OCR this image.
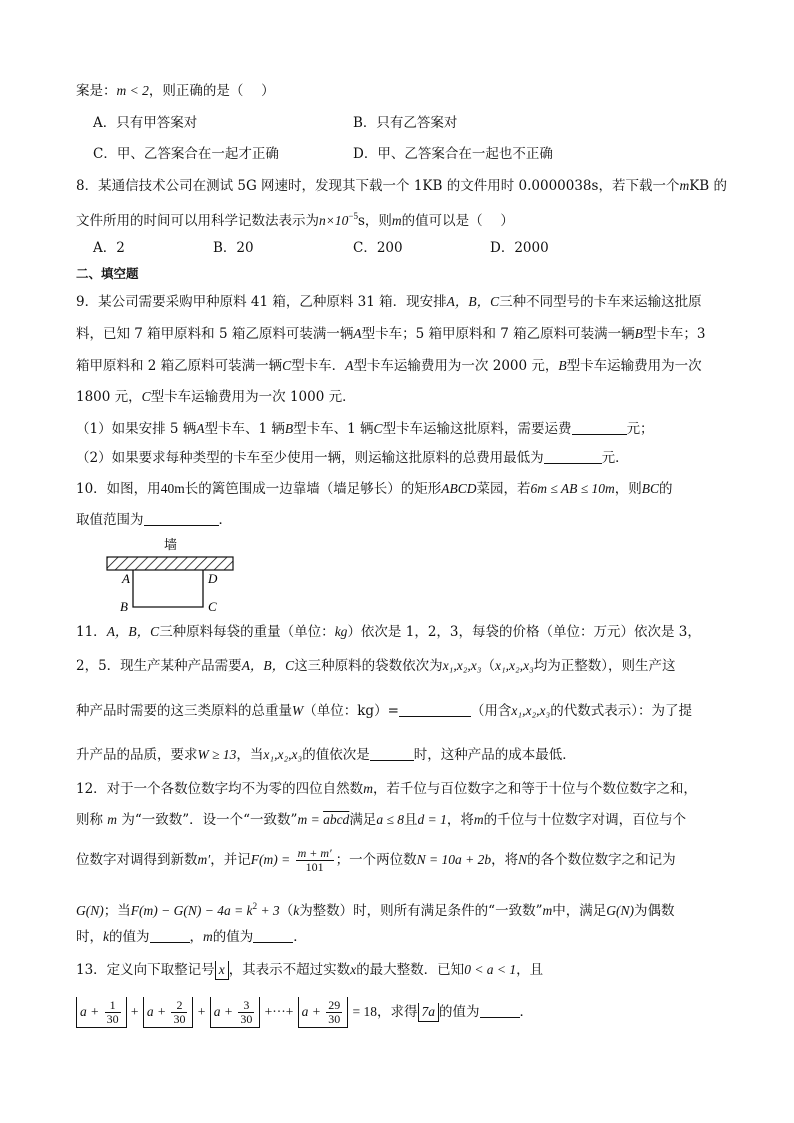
案是：m < 2，则正确的是（　 ）
A．只有甲答案对	B．只有乙答案对
C．甲、乙答案合在一起才正确	D．甲、乙答案合在一起也不正确
8．某通信技术公司在测试 5G 网速时，发现其下载一个 1KB 的文件用时 0.0000038s，若下载一个mKB 的
文件所用的时间可以用科学记数法表示为$n\times 10^{-5}s$，则m的值可以是（　 ）
A．2	B．20	C．200	D．2000
二、填空题
9．某公司需要采购甲种原料 41 箱，乙种原料 31 箱．现安排A，B，C三种不同型号的卡车来运输这批原
料，已知 7 箱甲原料和 5 箱乙原料可装满一辆A型卡车；5 箱甲原料和 7 箱乙原料可装满一辆B型卡车；3
箱甲原料和 2 箱乙原料可装满一辆C型卡车．A型卡车运输费用为一次 2000 元，B型卡车运输费用为一次
1800 元，C型卡车运输费用为一次 1000 元．
（1）如果安排 5 辆A型卡车、1 辆B型卡车、1 辆C型卡车运输这批原料，需要运费	元；
（2）如果要求每种类型的卡车至少使用一辆，则运输这批原料的总费用最低为	元．
10．如图，用40m长的篱笆围成一边靠墙（墙足够长）的矩形ABCD菜园，若6m ≤ AB ≤ 10m，则BC的
取值范围为	．
墙
A	D
B	C
11．A，B，C三种原料每袋的重量（单位：kg）依次是 1，2，3，每袋的价格（单位：万元）依次是 3，
2，5．现生产某种产品需要A，B，C这三种原料的袋数依次为x₁,x₂,x₃（x₁,x₂,x₃均为正整数），则生产这
种产品时需要的这三类原料的总重量W（单位：kg）=	（用含x₁,x₂,x₃的代数式表示）：为了提
升产品的品质，要求W ≥ 13，当x₁,x₂,x₃的值依次是	时，这种产品的成本最低．
12．对于一个各数位数字均不为零的四位自然数m，若千位与百位数字之和等于十位与个数位数字之和，
则称 m 为“一致数”．设一个“一致数”m = abcd满足a ≤ 8且d = 1，将m的千位与十位数字对调，百位与个
位数字对调得到新数m′，并记$F(m) = \frac{m + m'}{101}$ ；一个两位数N = 10a + 2b，将N的各个数位数字之和记为
G(N)；当$F(m) - G(N) - 4a = k^2 + 3(k$为整数）时，则所有满足条件的“一致数”m中，满足G(N)为偶数
时，k的值为	，m的值为	．
13．定义向下取整记号 x ，其表示不超过实数x的最大整数．已知0 < a < 1，且
$a + \frac{1}{30} + a + \frac{2}{30} + a + \frac{3}{30}$ +···+ $a + \frac{29}{30} = 18$，求得 7a 的值为	．
